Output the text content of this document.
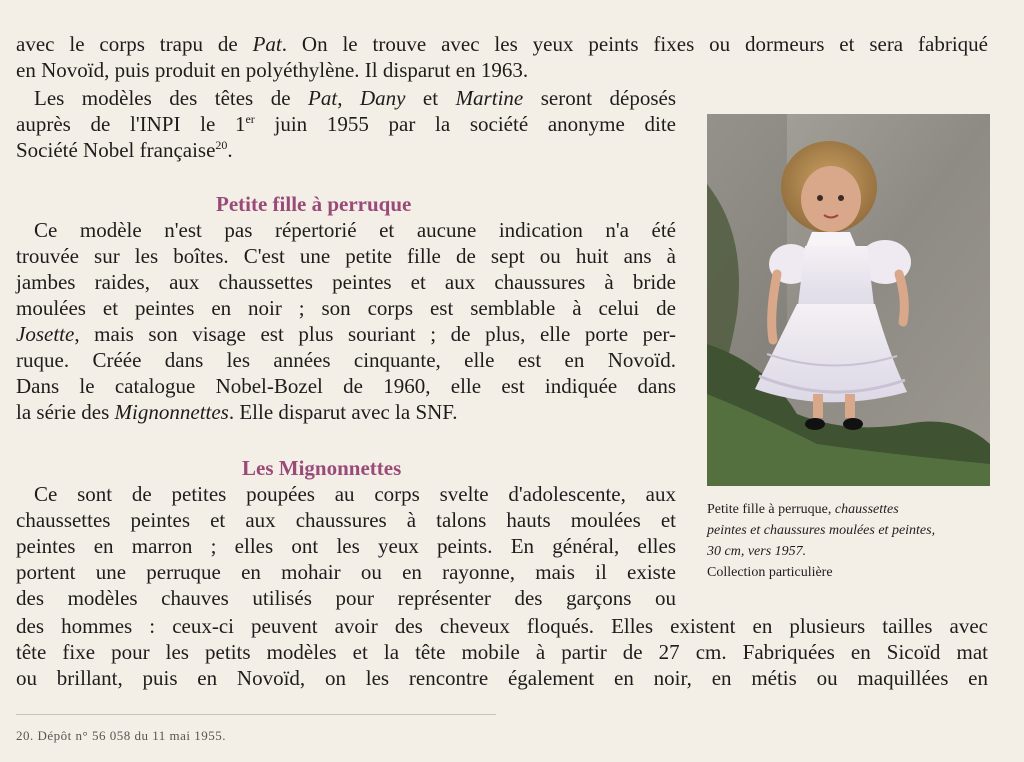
avec le corps trapu de Pat. On le trouve avec les yeux peints fixes ou dormeurs et sera fabriqué
en Novoïd, puis produit en polyéthylène. Il disparut en 1963.
Les modèles des têtes de Pat, Dany et Martine seront déposés
auprès de l'INPI le 1er juin 1955 par la société anonyme dite
Société Nobel française$^{20}$.
Petite fille à perruque
Ce modèle n'est pas répertorié et aucune indication n'a été
trouvée sur les boîtes. C'est une petite fille de sept ou huit ans à
jambes raides, aux chaussettes peintes et aux chaussures à bride
moulées et peintes en noir ; son corps est semblable à celui de
Josette, mais son visage est plus souriant ; de plus, elle porte per-
ruque. Créée dans les années cinquante, elle est en Novoïd.
Dans le catalogue Nobel-Bozel de 1960, elle est indiquée dans
la série des Mignonnettes. Elle disparut avec la SNF.
Les Mignonnettes
Ce sont de petites poupées au corps svelte d'adolescente, aux
chaussettes peintes et aux chaussures à talons hauts moulées et
peintes en marron ; elles ont les yeux peints. En général, elles
portent une perruque en mohair ou en rayonne, mais il existe
des modèles chauves utilisés pour représenter des garçons ou
des hommes : ceux-ci peuvent avoir des cheveux floqués. Elles existent en plusieurs tailles avec
tête fixe pour les petits modèles et la tête mobile à partir de 27 cm. Fabriquées en Sicoïd mat
ou brillant, puis en Novoïd, on les rencontre également en noir, en métis ou maquillées en
Petite fille à perruque, chaussettes
peintes et chaussures moulées et peintes,
30 cm, vers 1957.
Collection particulière
20. Dépôt n° 56 058 du 11 mai 1955.
